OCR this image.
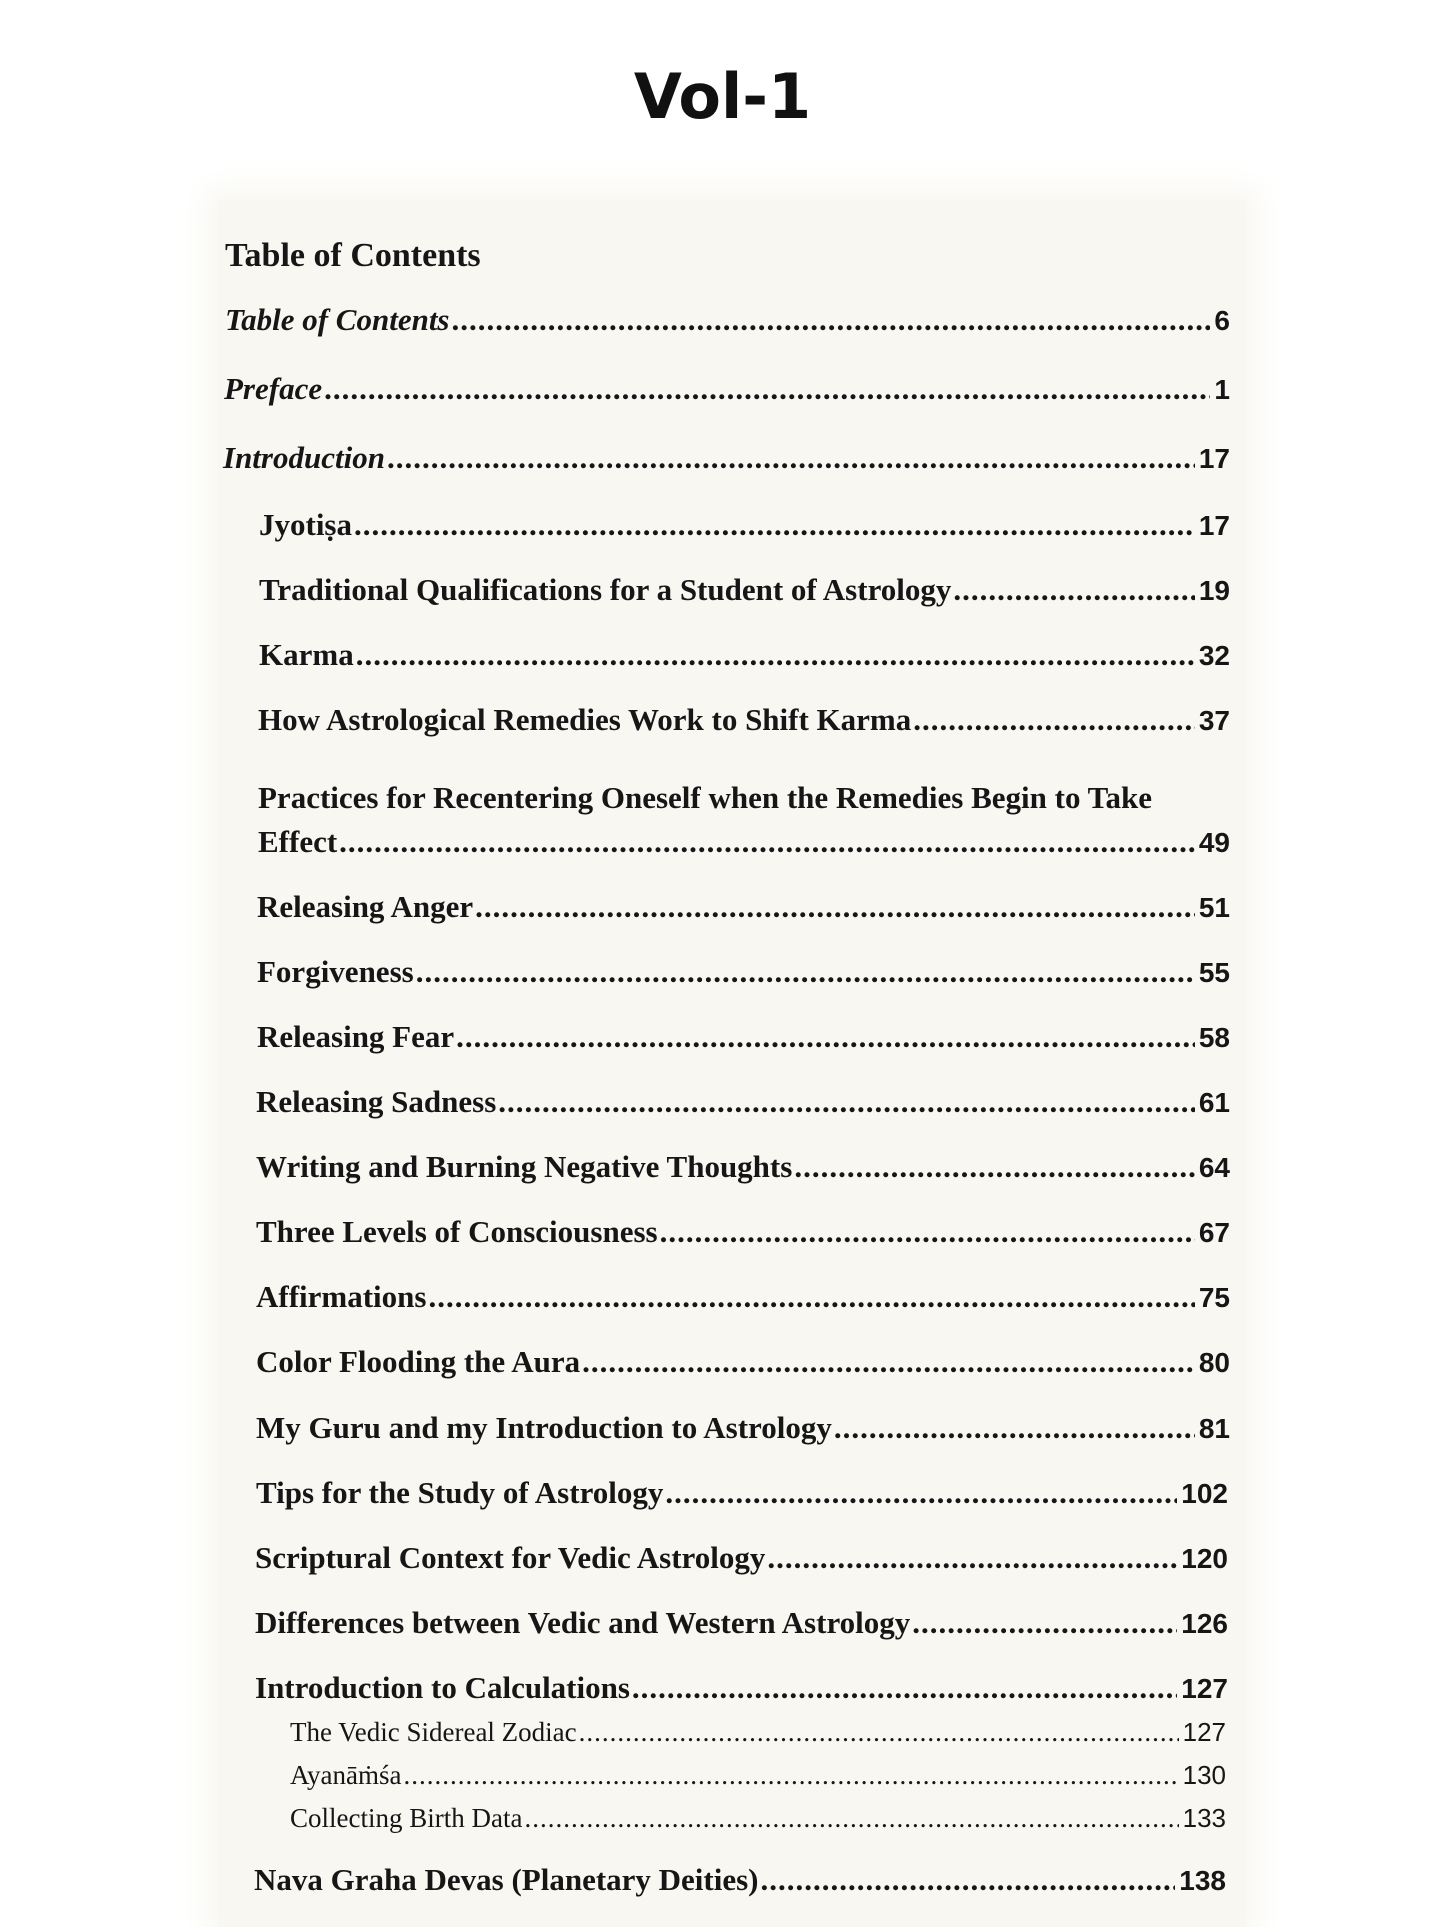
Vol-1
Table of Contents
Table of Contents .....	6
Preface .....	1
Introduction .....	17
Jyotiṣa .....	17
Traditional Qualifications for a Student of Astrology .....	19
Karma .....	32
How Astrological Remedies Work to Shift Karma .....	37
Practices for Recentering Oneself when the Remedies Begin to Take
Effect .....	49
Releasing Anger .....	51
Forgiveness .....	55
Releasing Fear .....	58
Releasing Sadness .....	61
Writing and Burning Negative Thoughts .....	64
Three Levels of Consciousness .....	67
Affirmations .....	75
Color Flooding the Aura .....	80
My Guru and my Introduction to Astrology .....	81
Tips for the Study of Astrology .....	102
Scriptural Context for Vedic Astrology .....	120
Differences between Vedic and Western Astrology .....	126
Introduction to Calculations .....	127
The Vedic Sidereal Zodiac .....	127
Ayanāṁśa .....	130
Collecting Birth Data .....	133
Nava Graha Devas (Planetary Deities) .....	138
